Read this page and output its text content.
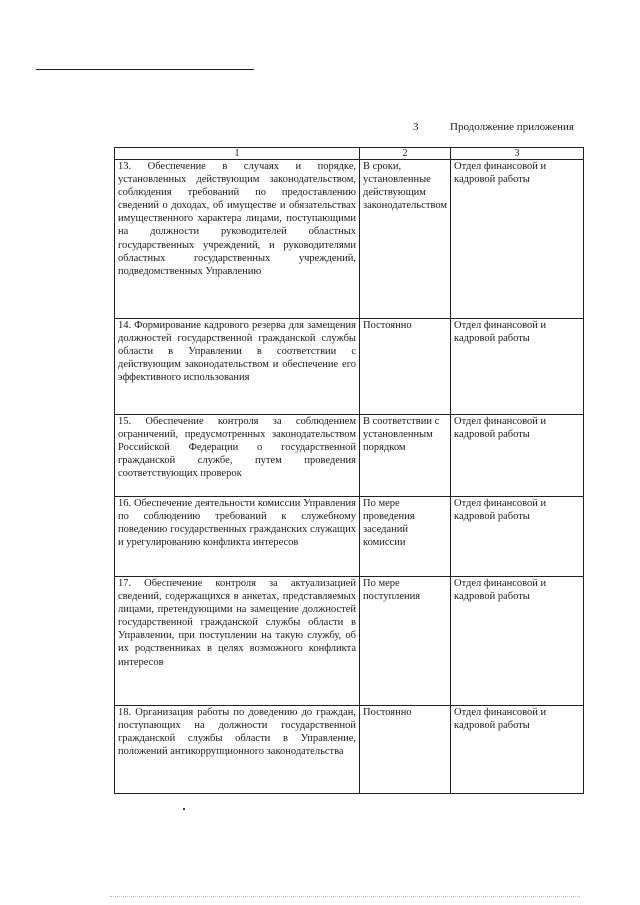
3	Продолжение приложения
1	2	3
13. Обеспечение в случаях и порядке, установленных действующим законодательством, соблюдения требований по предоставлению сведений о доходах, об имуществе и обязательствах имущественного характера лицами, поступающими на должности руководителей областных государственных учреждений, и руководителями областных государственных учреждений, подведомственных Управлению	В сроки, установленные действующим законодательством	Отдел финансовой и кадровой работы
14. Формирование кадрового резерва для замещения должностей государственной гражданской службы области в Управлении в соответствии с действующим законодательством и обеспечение его эффективного использования	Постоянно	Отдел финансовой и кадровой работы
15. Обеспечение контроля за соблюдением ограничений, предусмотренных законодательством Российской Федерации о государственной гражданской службе, путем проведения соответствующих проверок	В соответствии с установленным порядком	Отдел финансовой и кадровой работы
16. Обеспечение деятельности комиссии Управления по соблюдению требований к служебному поведению государственных гражданских служащих и урегулированию конфликта интересов	По мере проведения заседаний комиссии	Отдел финансовой и кадровой работы
17. Обеспечение контроля за актуализацией сведений, содержащихся в анкетах, представляемых лицами, претендующими на замещение должностей государственной гражданской службы области в Управлении, при поступлении на такую службу, об их родственниках в целях возможного конфликта интересов	По мере поступления	Отдел финансовой и кадровой работы
18. Организация работы по доведению до граждан, поступающих на должности государственной гражданской службы области в Управление, положений антикоррупционного законодательства	Постоянно	Отдел финансовой и кадровой работы
